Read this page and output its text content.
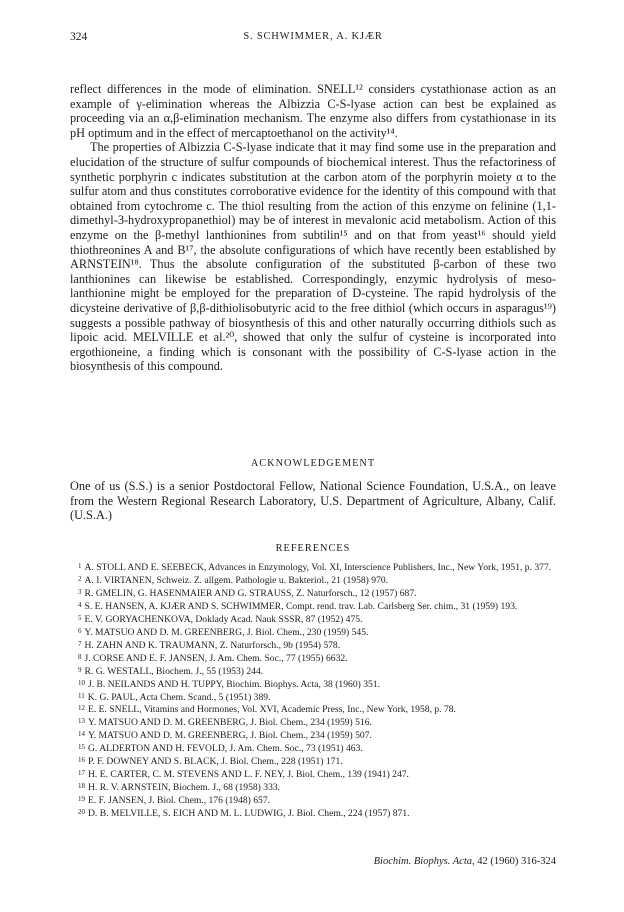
324	S. SCHWIMMER, A. KJÆR

reflect differences in the mode of elimination. SNELL¹² considers cystathionase action as an example of γ-elimination whereas the Albizzia C-S-lyase action can best be explained as proceeding via an α,β-elimination mechanism. The enzyme also differs from cystathionase in its pH optimum and in the effect of mercaptoethanol on the activity¹⁴.

The properties of Albizzia C-S-lyase indicate that it may find some use in the preparation and elucidation of the structure of sulfur compounds of biochemical interest. Thus the refactoriness of synthetic porphyrin c indicates substitution at the carbon atom of the porphyrin moiety α to the sulfur atom and thus constitutes corroborative evidence for the identity of this compound with that obtained from cytochrome c. The thiol resulting from the action of this enzyme on felinine (1,1-dimethyl-3-hydroxypropanethiol) may be of interest in mevalonic acid metabolism. Action of this enzyme on the β-methyl lanthionines from subtilin¹⁵ and on that from yeast¹⁶ should yield thiothreonines A and B¹⁷, the absolute configurations of which have recently been established by ARNSTEIN¹⁸. Thus the absolute configuration of the substituted β-carbon of these two lanthionines can likewise be established. Correspondingly, enzymic hydrolysis of meso-lanthionine might be employed for the preparation of D-cysteine. The rapid hydrolysis of the dicysteine derivative of β,β-dithiolisobutyric acid to the free dithiol (which occurs in asparagus¹⁹) suggests a possible pathway of biosynthesis of this and other naturally occurring dithiols such as lipoic acid. MELVILLE et al.²⁰, showed that only the sulfur of cysteine is incorporated into ergothioneine, a finding which is consonant with the possibility of C-S-lyase action in the biosynthesis of this compound.

ACKNOWLEDGEMENT

One of us (S.S.) is a senior Postdoctoral Fellow, National Science Foundation, U.S.A., on leave from the Western Regional Research Laboratory, U.S. Department of Agriculture, Albany, Calif. (U.S.A.)

REFERENCES
$^1$ A. STOLL AND E. SEEBECK, Advances in Enzymology, Vol. XI, Interscience Publishers, Inc., New York, 1951, p. 377.
$^2$ A. I. VIRTANEN, Schweiz. Z. allgem. Pathologie u. Bakteriol., 21 (1958) 970.
$^3$ R. GMELIN, G. HASENMAIER AND G. STRAUSS, Z. Naturforsch., 12 (1957) 687.
$^4$ S. E. HANSEN, A. KJÆR AND S. SCHWIMMER, Compt. rend. trav. Lab. Carlsberg Ser. chim., 31 (1959) 193.
$^5$ E. V. GORYACHENKOVA, Doklady Acad. Nauk SSSR, 87 (1952) 475.
$^6$ Y. MATSUO AND D. M. GREENBERG, J. Biol. Chem., 230 (1959) 545.
$^7$ H. ZAHN AND K. TRAUMANN, Z. Naturforsch., 9b (1954) 578.
$^8$ J. CORSE AND E. F. JANSEN, J. Am. Chem. Soc., 77 (1955) 6632.
$^9$ R. G. WESTALL, Biochem. J., 55 (1953) 244.
$^{10}$ J. B. NEILANDS AND H. TUPPY, Biochim. Biophys. Acta, 38 (1960) 351.
$^{11}$ K. G. PAUL, Acta Chem. Scand., 5 (1951) 389.
$^{12}$ E. E. SNELL, Vitamins and Hormones, Vol. XVI, Academic Press, Inc., New York, 1958, p. 78.
$^{13}$ Y. MATSUO AND D. M. GREENBERG, J. Biol. Chem., 234 (1959) 516.
$^{14}$ Y. MATSUO AND D. M. GREENBERG, J. Biol. Chem., 234 (1959) 507.
$^{15}$ G. ALDERTON AND H. FEVOLD, J. Am. Chem. Soc., 73 (1951) 463.
$^{16}$ P. F. DOWNEY AND S. BLACK, J. Biol. Chem., 228 (1951) 171.
$^{17}$ H. E. CARTER, C. M. STEVENS AND L. F. NEY, J. Biol. Chem., 139 (1941) 247.
$^{18}$ H. R. V. ARNSTEIN, Biochem. J., 68 (1958) 333.
$^{19}$ E. F. JANSEN, J. Biol. Chem., 176 (1948) 657.
$^{20}$ D. B. MELVILLE, S. EICH AND M. L. LUDWIG, J. Biol. Chem., 224 (1957) 871.
Biochim. Biophys. Acta, 42 (1960) 316-324
